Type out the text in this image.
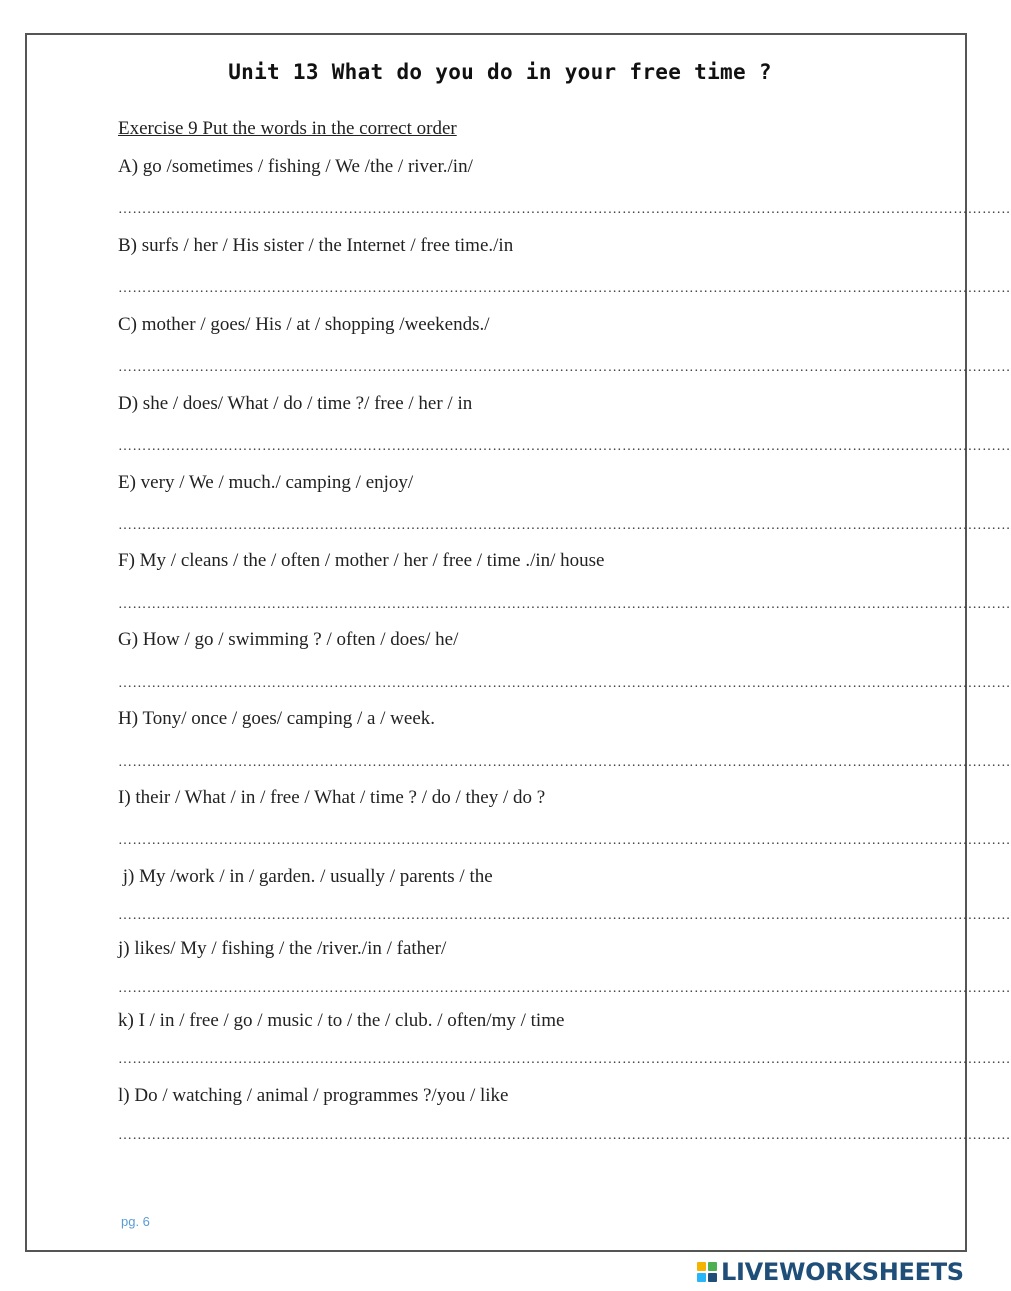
Unit 13 What do you do in your free time ?
Exercise 9 Put the words in the correct order
A) go /sometimes / fishing / We /the / river./in/
……………………………………………………………………………………………………………………………………………………………………
B) surfs / her / His sister / the Internet / free time./in
……………………………………………………………………………………………………………………………………………………………………
C) mother / goes/ His / at / shopping /weekends./
……………………………………………………………………………………………………………………………………………………………………
D) she / does/ What / do / time ?/ free / her / in
……………………………………………………………………………………………………………………………………………………………………
E) very / We / much./ camping / enjoy/
……………………………………………………………………………………………………………………………………………………………………
F) My / cleans / the / often / mother / her / free / time ./in/ house
……………………………………………………………………………………………………………………………………………………………………
G) How / go / swimming ? / often / does/ he/
……………………………………………………………………………………………………………………………………………………………………
H) Tony/ once / goes/ camping / a / week.
……………………………………………………………………………………………………………………………………………………………………
I) their / What / in / free / What / time ? / do / they / do ?
……………………………………………………………………………………………………………………………………………………………………
j) My /work / in / garden. / usually / parents / the
……………………………………………………………………………………………………………………………………………………………………
j) likes/ My / fishing / the /river./in / father/
……………………………………………………………………………………………………………………………………………………………………
k) I / in / free / go / music / to / the / club. / often/my / time
……………………………………………………………………………………………………………………………………………………………………
l) Do / watching / animal / programmes ?/you / like
……………………………………………………………………………………………………………………………………………………………………
pg. 6
LIVEWORKSHEETS
